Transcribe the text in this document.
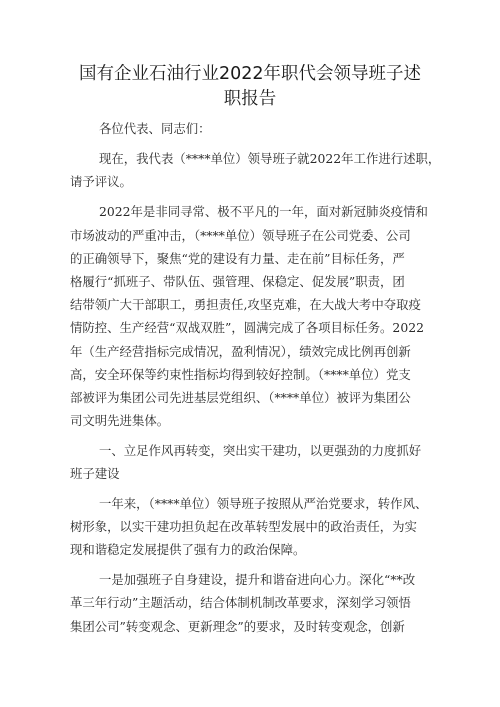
国有企业石油行业2022年职代会领导班子述
职报告
各位代表、同志们：
现在，我代表（****单位）领导班子就2022年工作进行述职，
请予评议。
2022年是非同寻常、极不平凡的一年，面对新冠肺炎疫情和
市场波动的严重冲击，（****单位）领导班子在公司党委、公司
的正确领导下，聚焦“党的建设有力量、走在前”目标任务，严
格履行“抓班子、带队伍、强管理、保稳定、促发展”职责，团
结带领广大干部职工，勇担责任,攻坚克难，在大战大考中夺取疫
情防控、生产经营“双战双胜”，圆满完成了各项目标任务。2022
年（生产经营指标完成情况，盈利情况），绩效完成比例再创新
高，安全环保等约束性指标均得到较好控制。（****单位）党支
部被评为集团公司先进基层党组织、（****单位）被评为集团公
司文明先进集体。
一、立足作风再转变，突出实干建功，以更强劲的力度抓好
班子建设
一年来，（****单位）领导班子按照从严治党要求，转作风、
树形象，以实干建功担负起在改革转型发展中的政治责任，为实
现和谐稳定发展提供了强有力的政治保障。
一是加强班子自身建设，提升和谐奋进向心力。深化“**改
革三年行动”主题活动，结合体制机制改革要求，深刻学习领悟
集团公司”转变观念、更新理念”的要求，及时转变观念，创新
